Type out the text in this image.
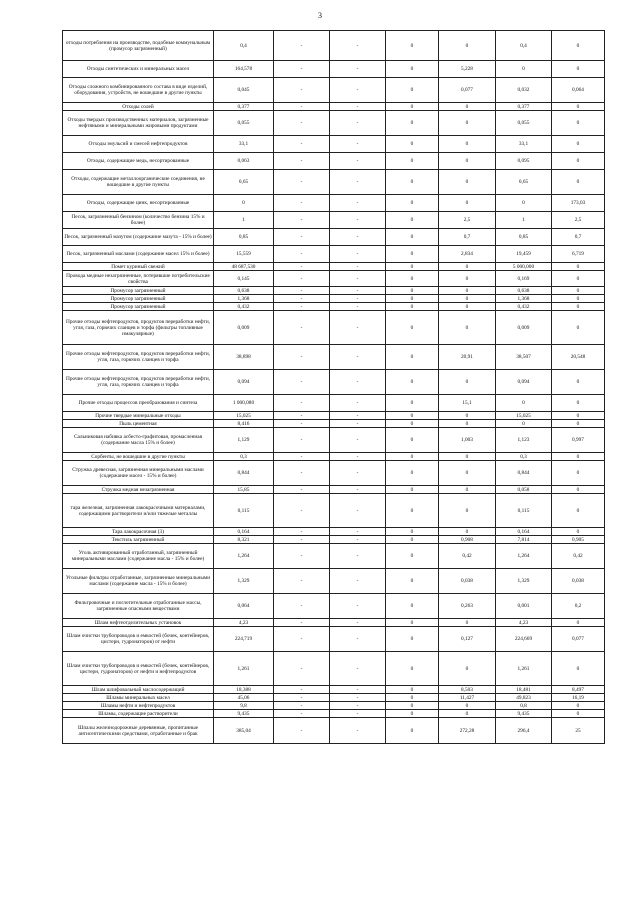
3
отходы потребления на производстве, подобные коммунальным (промусор загрязненный)	0,4	-	-	0	0	0,4	0
Отходы синтетических и минеральных масел	164,578	-	-	0	5,228	0	0
Отходы сложного комбинированного состава в виде изделий, оборудования, устройств, не вошедшие в другие пункты	0,045	-	-	0	0,077	0,032	0,064
Отходы солей	0,377	-	-	0	0	0,377	0
Отходы твердых производственных материалов, загрязненные нефтяными и минеральными жировыми продуктами	0,055	-	-	0	0	0,055	0
Отходы эмульсий и смесей нефтепродуктов	33,1	-	-	0	0	33,1	0
Отходы, содержащие медь, несортированные	0,063	-	-	0	0	0,095	0
Отходы, содержащие металлоорганические соединения, не вошедшие в другие пункты	0,65	-	-	0	0	0,65	0
Отходы, содержащие цинк, несортированные	0	-	-	0	0	0	173,03
Песок, загрязненный бензином (количество бензина 15% и более)	1	-	-	0	2,5	1	2,5
Песок, загрязненный мазутом (содержание мазута - 15% и более)	0,85	-	-	0	0,7	0,85	0,7
Песок, загрязненный маслами (содержание масел 15% и более)	15,559	-	-	0	2,834	19,459	6,719
Помет куриный свежий	48 687,530	-	-	0	0	5 000,000	0
Провода медные незагрязненные, потерявшие потребительские свойства	0,145	-	-	0	0	0,169	0
Промусор загрязненный	0,638	-	-	0	0	0,638	0
Промусор загрязненный	1,368	-	-	0	0	1,368	0
Промусор загрязненный	0,432	-	-	0	0	0,432	0
Прочие отходы нефтепродуктов, продуктов переработки нефти, угля, газа, горючих сланцев и торфа (фильтры топливные имакулярные)	0,009	-	-	0	0	0,009	0
Прочие отходы нефтепродуктов, продуктов переработки нефти, угля, газа, горючих сланцев и торфа	38,898	-	-	0	20,91	38,507	20,548
Прочие отходы нефтепродуктов, продуктов переработки нефти, угля, газа, горючих сланцев и торфа	0,094	-	-	0	0	0,094	0
Прочие отходы процессов преобразования и синтеза	1 000,080	-	-	0	15,1	0	0
Прочие твердые минеральные отходы	15,025	-	-	0	0	15,025	0
Пыль цементная	8,416	-	-	0	0	0	0
Сальниковая набивка асбесто-графитовая, промасленная (содержание масла 15% и более)	1,129	-	-	0	1,003	1,123	0,997
Сорбенты, не вошедшие в другие пункты	0,3	-	-	0	0	0,3	0
Стружка древесная, загрязненная минеральными маслами (содержание масел - 15% и более)	0,844	-	-	0	0	0,844	0
Стружка медная незагрязненная	15,85	-	-	0	0	0,058	0
тара железная, загрязненная лакокрасочными материалами, содержащими растворители и/или тяжелые металлы	0,115	-	-	0	0	0,115	0
Тара лакокрасочная (3)	0,164	-	-	0	0	0,164	0
Текстиль загрязненный	8,321	-	-	0	0,908	7,814	0,905
Уголь активированный отработанный, загрязненный минеральными маслами (содержание масла - 15% и более)	1,264	-	-	0	0,42	1,264	0,42
Угольные фильтры отработанные, загрязненные минеральными маслами (содержание масла - 15% и более)	1,329	-	-	0	0,038	1,329	0,038
Фильтровочные и поглотительные отработанные массы, загрязненные опасными веществами	0,064	-	-	0	0,263	0,001	0,2
Шлам нефтеотделительных установок	4,23	-	-	0	0	4,23	0
Шлам очистки трубопроводов и емкостей (бочек, контейнеров, цистерн, гудронаторов) от нефти	224,719	-	-	0	0,127	224,669	0,077
Шлам очистки трубопроводов и емкостей (бочек, контейнеров, цистерн, гудронаторов) от нефти и нефтепродуктов	1,261	-	-	0	0	1,261	0
Шлам шлифовальный маслосодержащий	18,388	-	-	0	8,503	18,481	8,497
Шламы минеральных масел	45,06	-	-	0	11,427	49,823	16,19
Шламы нефти и нефтепродуктов	9,8	-	-	0	0	0,8	0
Шламы, содержащие растворители	9,435	-	-	0	0	9,435	0
Шпалы железнодорожные деревянные, пропитанные антисептическими средствами, отработанные и брак	385,04	-	-	0	272,28	296,4	25
